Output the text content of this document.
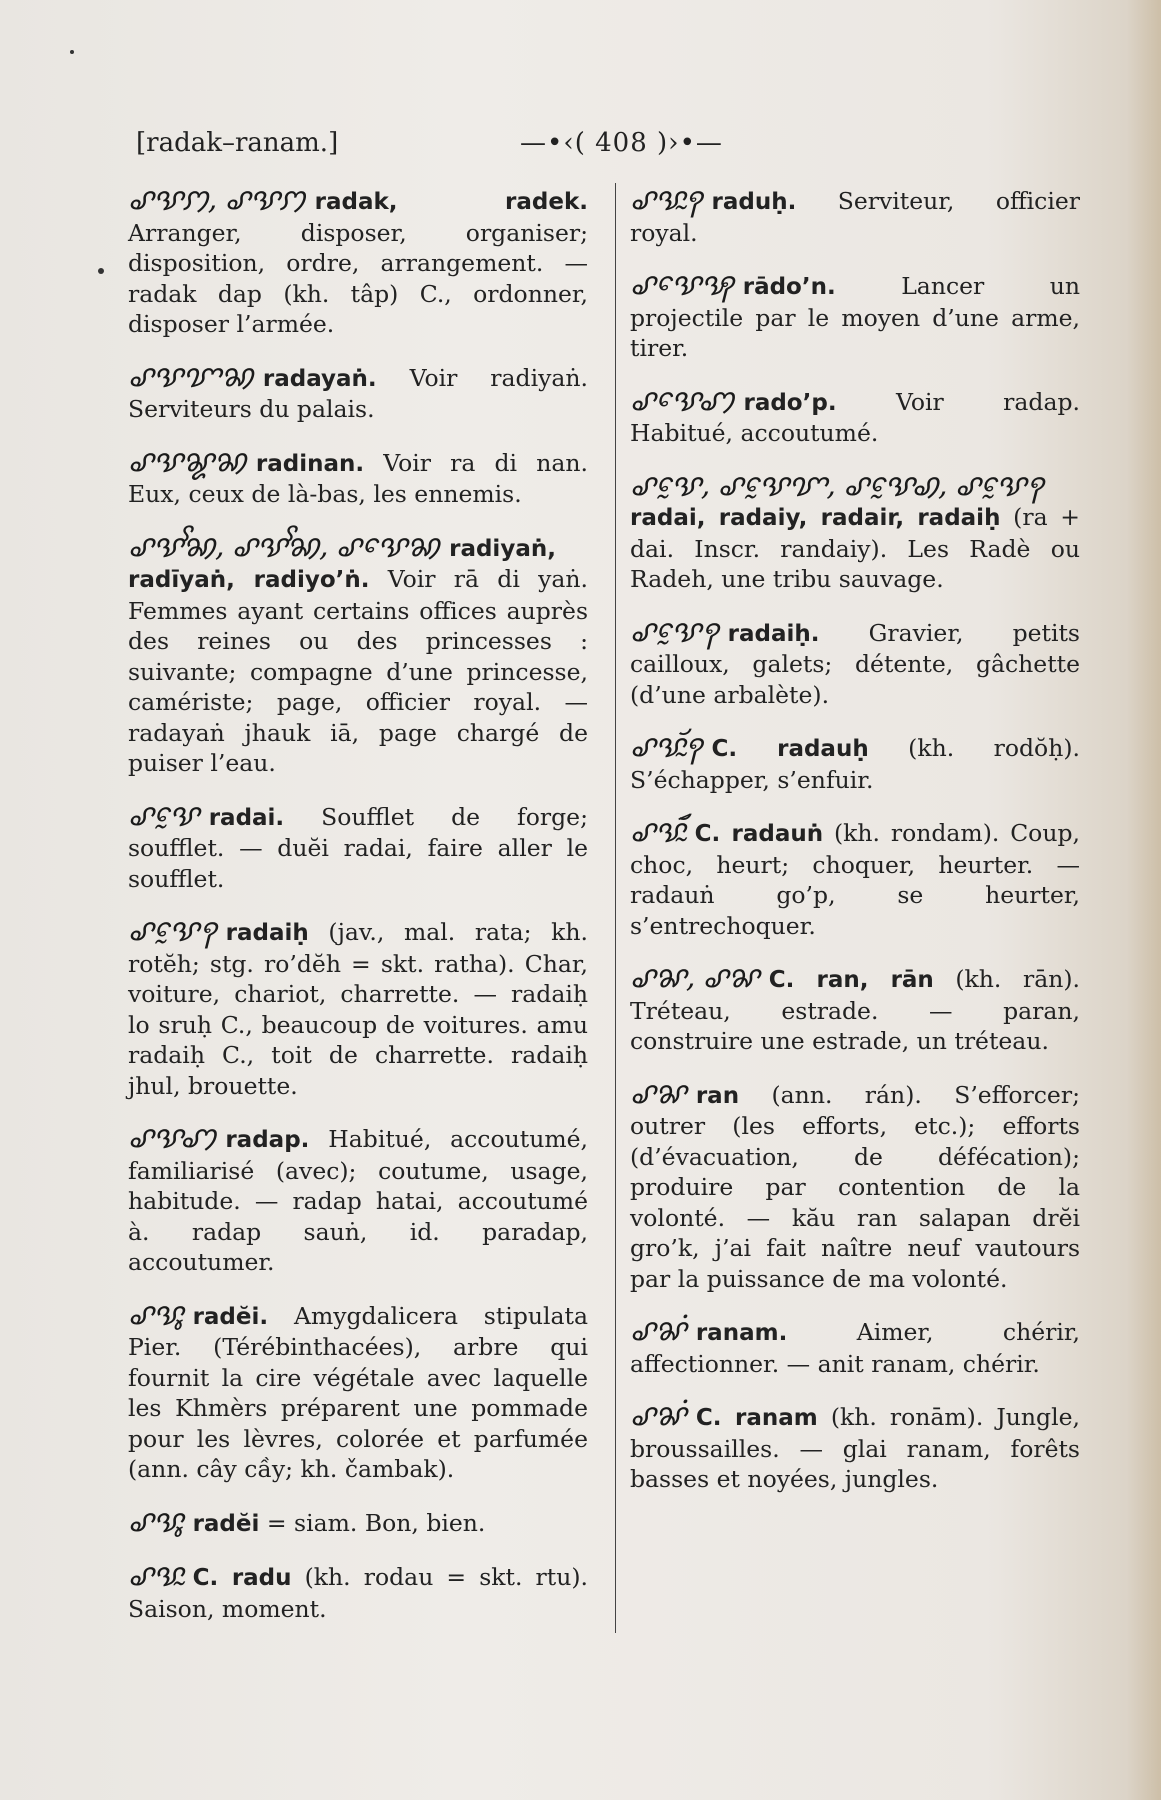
[radak–ranam.]	—•‹( 408 )›•—
ꨣꨕꩀ, ꨣꨕꩀ radak, radek. Arranger, disposer, organiser; disposition, ordre, arrangement. — radak dap (kh. tâp) C., ordonner, disposer l’armée.
ꨣꨕꨢꩆ radayaṅ. Voir radiyaṅ. Serviteurs du palais.
ꨣꨕꨘꩆ radinan. Voir ra di nan. Eux, ceux de là-bas, les ennemis.
ꨣꨕꨩꩆ, ꨣꨕꨩꩆ, ꨣꨕꨯꩆ radiyaṅ, radīyaṅ, radiyo’ṅ. Voir rā di yaṅ. Femmes ayant certains offices auprès des reines ou des princesses : suivante; compagne d’une princesse, camériste; page, officier royal. — radayaṅ jhauk iā, page chargé de puiser l’eau.
ꨣꨕꨰ radai. Soufflet de forge; soufflet. — duĕi radai, faire aller le soufflet.
ꨣꨕꨰꩍ radaiḥ (jav., mal. rata; kh. rotĕh; stg. ro’dĕh = skt. ratha). Char, voiture, chariot, charrette. — radaiḥ lo sruḥ C., beaucoup de voitures. amu radaiḥ C., toit de charrette. radaiḥ jhul, brouette.
ꨣꨕꩇ radap. Habitué, accoutumé, familiarisé (avec); coutume, usage, habitude. — radap hatai, accoutumé à. radap sauṅ, id. paradap, accoutumer.
ꨣꨕꨶ radĕi. Amygdalicera stipulata Pier. (Térébinthacées), arbre qui fournit la cire végétale avec laquelle les Khmèrs préparent une pommade pour les lèvres, colorée et parfumée (ann. cây cầy; kh. čambak).
ꨣꨕꨶ radĕi = siam. Bon, bien.
ꨣꨕꨭ C. radu (kh. rodau = skt. rtu). Saison, moment.
ꨣꨕꨭꩍ raduḥ. Serviteur, officier royal.
ꨣꨕꨯꩂ rādo’n.	Lancer un projectile par le moyen d’une arme, tirer.
ꨣꨕꨯꩇ rado’p.	Voir radap. Habitué, accoutumé.
ꨣꨕꨰ, ꨣꨕꨰꨢ, ꨣꨕꨰꩉ, ꨣꨕꨰꩍradai, radaiy, radair, radaiḥ (ra + dai. Inscr. randaiy). Les Radè ou Radeh, une tribu sauvage.
ꨣꨕꨰꩍ radaiḥ. Gravier, petits cailloux, galets; détente, gâchette (d’une arbalète).
ꨣꨕꨮꨭꩍ C. radauḥ (kh. rodŏḥ). S’échapper, s’enfuir.
ꨣꨕꨮꨭꩃ C. radauṅ (kh. rondam). Coup, choc, heurt; choquer, heurter. — radauṅ go’p, se heurter, s’entrechoquer.
ꨣꨗ, ꨣꨗ C. ran, rān (kh. rān). Tréteau, estrade. — paran, construire une estrade, un tréteau.
ꨣꨗ ran (ann. rán). S’efforcer; outrer (les efforts, etc.); efforts (d’évacuation, de défécation); produire par contention de la volonté. — kău ran salapan drĕi gro’k, j’ai fait naître neuf vautours par la puissance de ma volonté.
ꨣꨗꩌ ranam.	Aimer, chérir, affectionner. — anit ranam, chérir.
ꨣꨗꩌ C. ranam (kh. ronām). Jungle, broussailles. — glai ranam, forêts basses et noyées, jungles.
